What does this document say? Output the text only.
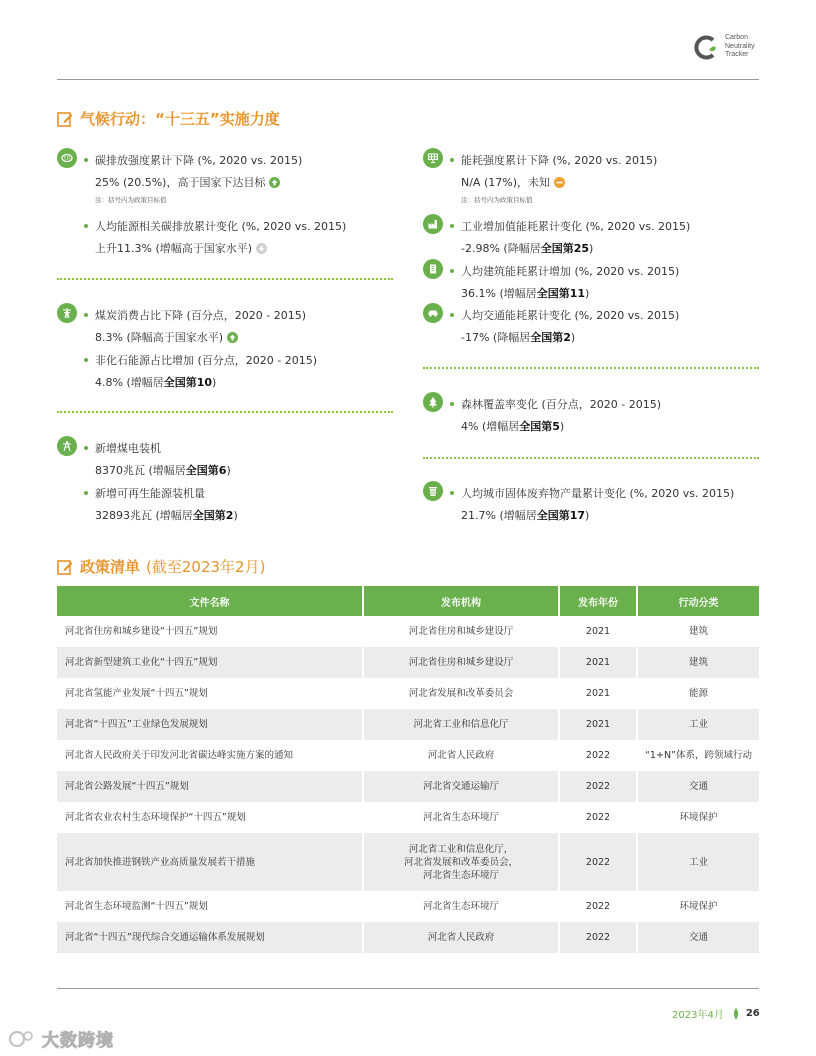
Carbon
Neutrality
Tracker
气候行动：“十三五”实施力度
CO 碳排放强度累计下降 (%, 2020 vs. 2015)
25% (20.5%)，高于国家下达目标
注：括号内为政策目标值
人均能源相关碳排放累计变化 (%, 2020 vs. 2015)
上升11.3% (增幅高于国家水平)
煤炭消费占比下降 (百分点，2020 - 2015)
8.3% (降幅高于国家水平)
非化石能源占比增加 (百分点，2020 - 2015)
4.8% (增幅居 全国第10 )
新增煤电装机
8370兆瓦 (增幅居 全国第6 )
新增可再生能源装机量
32893兆瓦 (增幅居 全国第2 )
能耗强度累计下降 (%, 2020 vs. 2015)
N/A (17%)，未知
注：括号内为政策目标值
工业增加值能耗累计变化 (%, 2020 vs. 2015)
-2.98% (降幅居 全国第25 )
人均建筑能耗累计增加 (%, 2020 vs. 2015)
36.1% (增幅居 全国第11 )
人均交通能耗累计变化 (%, 2020 vs. 2015)
-17% (降幅居 全国第2 )
森林覆盖率变化 (百分点，2020 - 2015)
4% (增幅居 全国第5 )
人均城市固体废弃物产量累计变化 (%, 2020 vs. 2015)
21.7% (增幅居 全国第17 )
政策清单 (截至2023年2月)
文件名称	发布机构	发布年份	行动分类
河北省住房和城乡建设“十四五”规划	河北省住房和城乡建设厅	2021	建筑
河北省新型建筑工业化“十四五”规划	河北省住房和城乡建设厅	2021	建筑
河北省氢能产业发展“十四五”规划	河北省发展和改革委员会	2021	能源
河北省“十四五”工业绿色发展规划	河北省工业和信息化厅	2021	工业
河北省人民政府关于印发河北省碳达峰实施方案的通知	河北省人民政府	2022	“1+N”体系，跨领域行动
河北省公路发展“十四五”规划	河北省交通运输厅	2022	交通
河北省农业农村生态环境保护“十四五”规划	河北省生态环境厅	2022	环境保护
河北省加快推进钢铁产业高质量发展若干措施	河北省工业和信息化厅，
河北省发展和改革委员会，
河北省生态环境厅	2022	工业
河北省生态环境监测“十四五”规划	河北省生态环境厅	2022	环境保护
河北省“十四五”现代综合交通运输体系发展规划	河北省人民政府	2022	交通
2023年4月 26
大数跨境
